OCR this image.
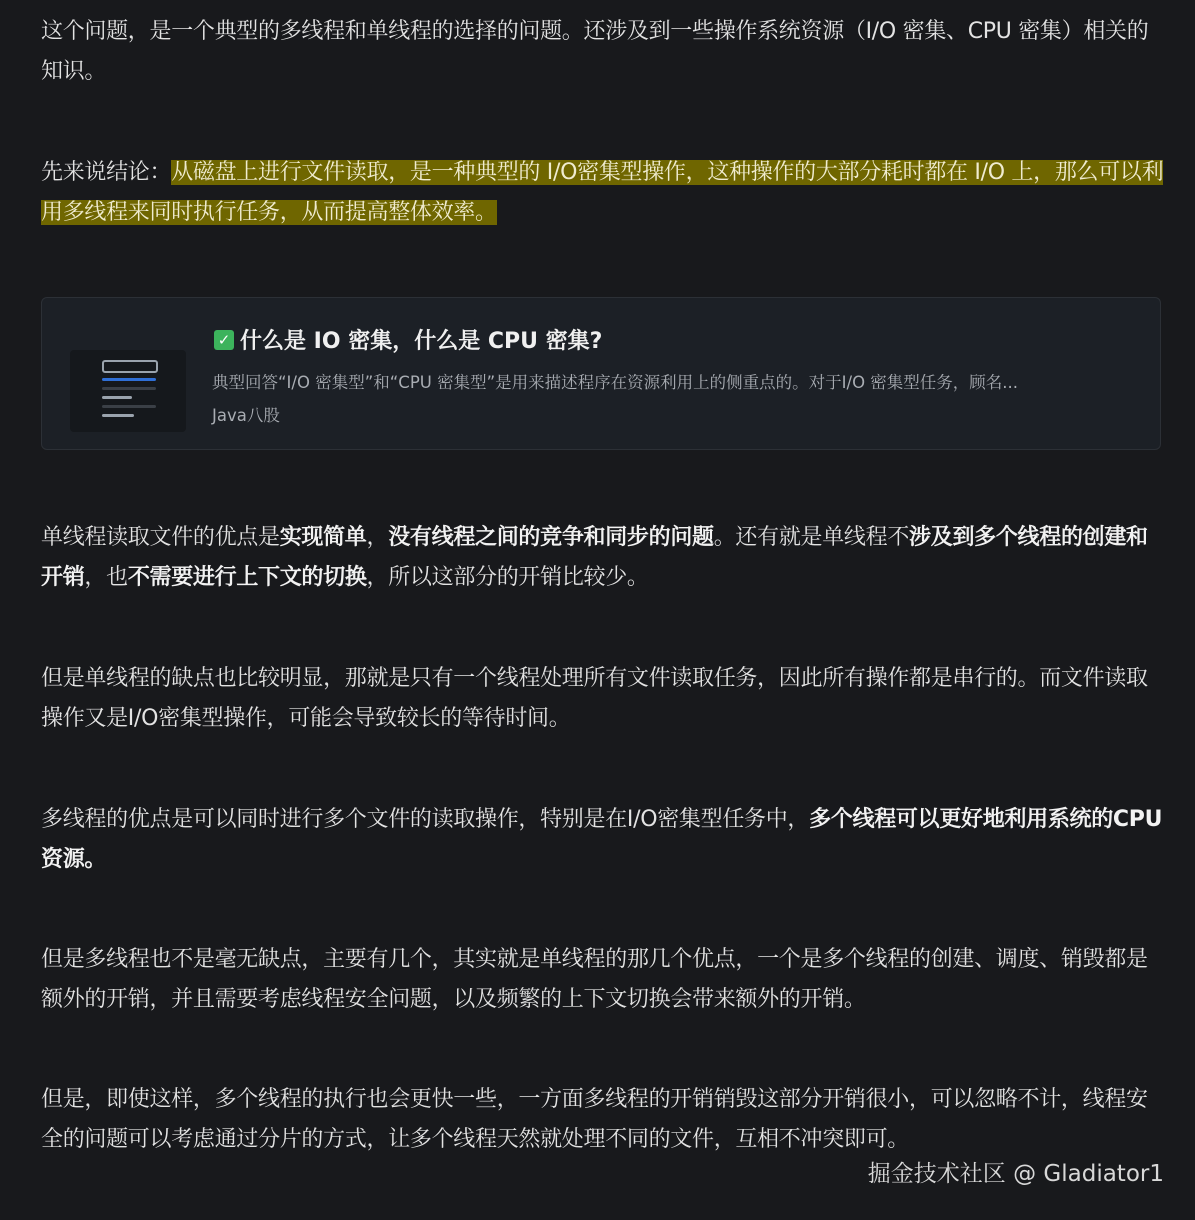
这个问题，是一个典型的多线程和单线程的选择的问题。还涉及到一些操作系统资源（I/O 密集、CPU 密集）相关的知识。

先来说结论：从磁盘上进行文件读取，是一种典型的 I/O密集型操作，这种操作的大部分耗时都在 I/O 上，那么可以利用多线程来同时执行任务，从而提高整体效率。

✓ 什么是 IO 密集，什么是 CPU 密集?
典型回答“I/O 密集型”和“CPU 密集型”是用来描述程序在资源利用上的侧重点的。对于I/O 密集型任务，顾名...
Java八股

单线程读取文件的优点是实现简单，没有线程之间的竞争和同步的问题。还有就是单线程不涉及到多个线程的创建和开销，也不需要进行上下文的切换，所以这部分的开销比较少。

但是单线程的缺点也比较明显，那就是只有一个线程处理所有文件读取任务，因此所有操作都是串行的。而文件读取操作又是I/O密集型操作，可能会导致较长的等待时间。

多线程的优点是可以同时进行多个文件的读取操作，特别是在I/O密集型任务中，多个线程可以更好地利用系统的CPU资源。

但是多线程也不是毫无缺点，主要有几个，其实就是单线程的那几个优点，一个是多个线程的创建、调度、销毁都是额外的开销，并且需要考虑线程安全问题，以及频繁的上下文切换会带来额外的开销。

但是，即使这样，多个线程的执行也会更快一些，一方面多线程的开销销毁这部分开销很小，可以忽略不计，线程安全的问题可以考虑通过分片的方式，让多个线程天然就处理不同的文件，互相不冲突即可。

掘金技术社区 @ Gladiator1
